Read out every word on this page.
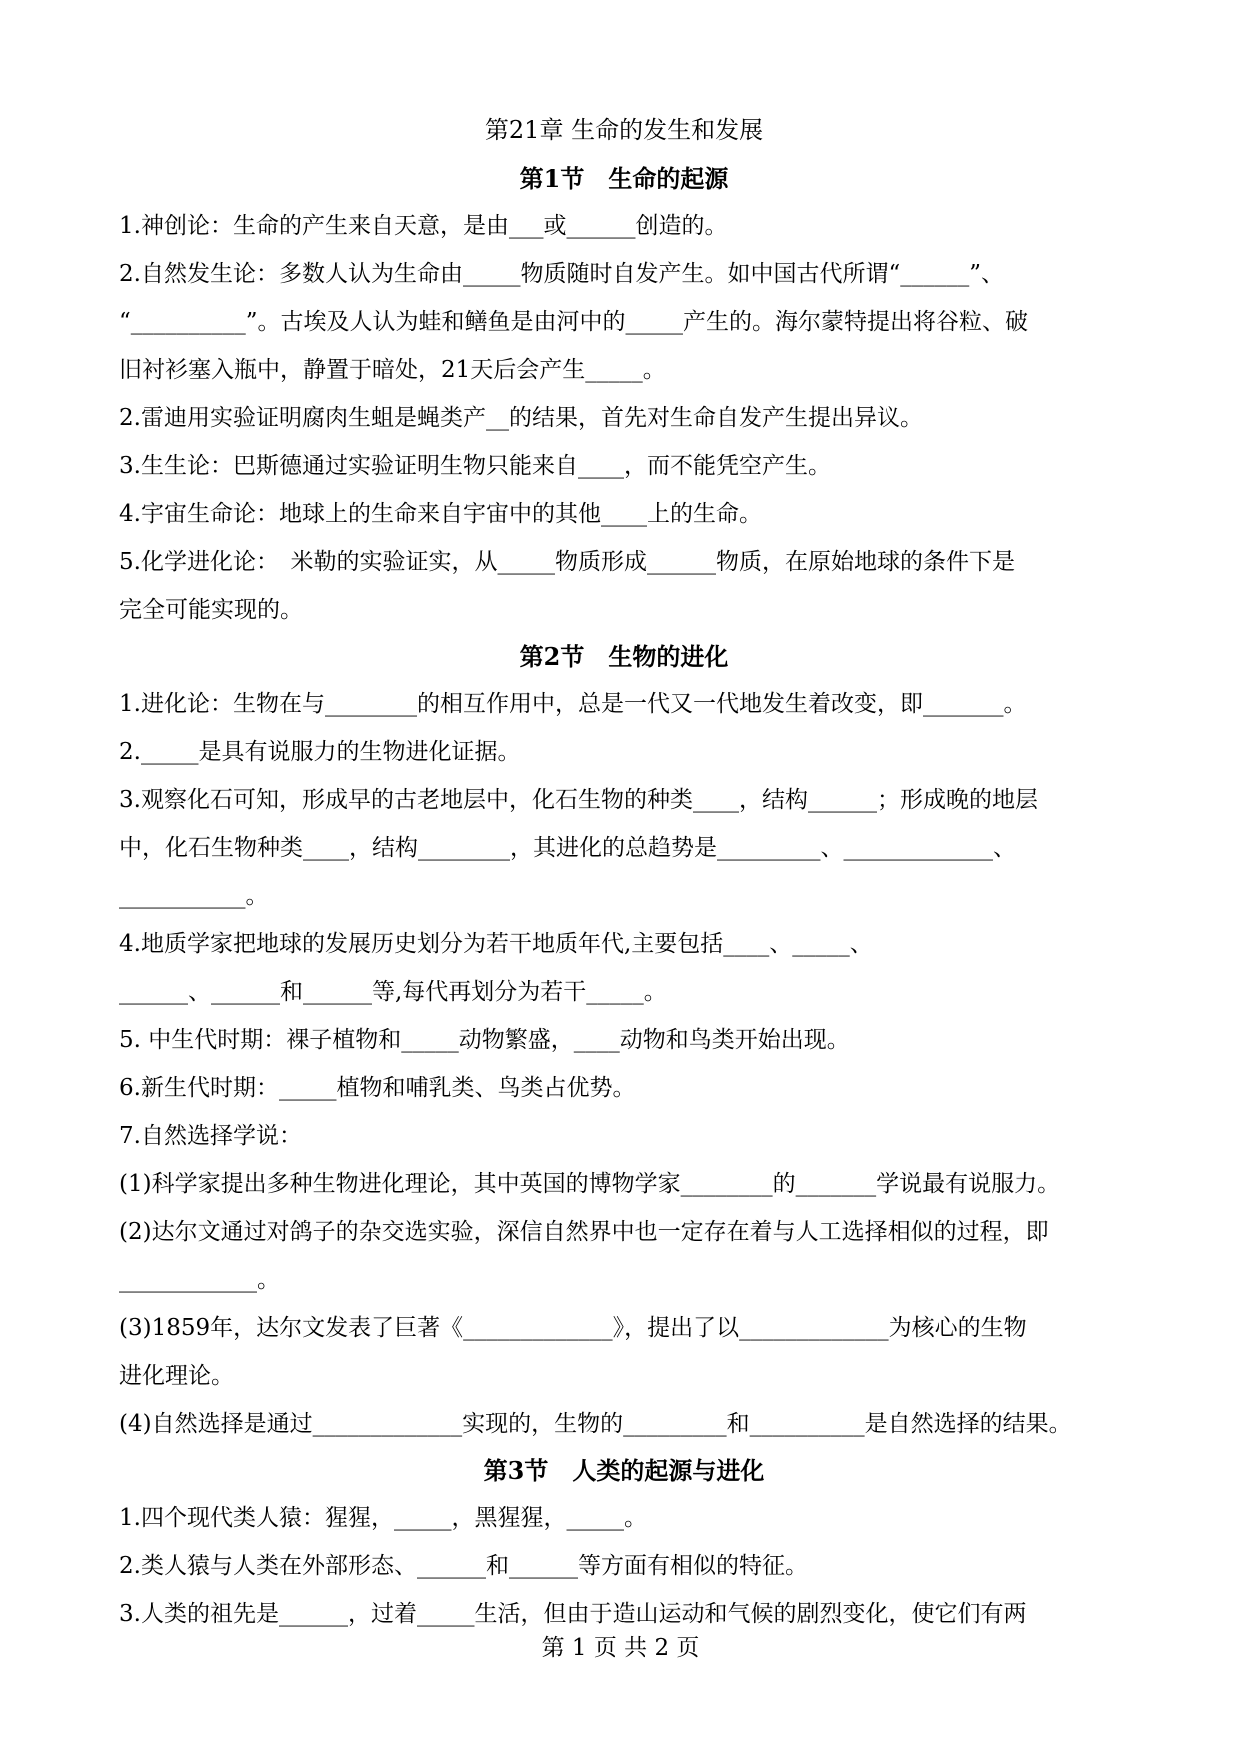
第21章 生命的发生和发展
第1节　生命的起源
1.神创论：生命的产生来自天意，是由___或______创造的。
2.自然发生论：多数人认为生命由_____物质随时自发产生。如中国古代所谓“______”、
“__________”。古埃及人认为蛙和鳝鱼是由河中的_____产生的。海尔蒙特提出将谷粒、破
旧衬衫塞入瓶中，静置于暗处，21天后会产生_____。
2.雷迪用实验证明腐肉生蛆是蝇类产__的结果，首先对生命自发产生提出异议。
3.生生论：巴斯德通过实验证明生物只能来自____，而不能凭空产生。
4.宇宙生命论：地球上的生命来自宇宙中的其他____上的生命。
5.化学进化论：　米勒的实验证实，从_____物质形成______物质，在原始地球的条件下是
完全可能实现的。
第2节　生物的进化
1.进化论：生物在与________的相互作用中，总是一代又一代地发生着改变，即_______。
2._____是具有说服力的生物进化证据。
3.观察化石可知，形成早的古老地层中，化石生物的种类____，结构______；形成晚的地层
中，化石生物种类____，结构________，其进化的总趋势是_________、_____________、
___________。
4.地质学家把地球的发展历史划分为若干地质年代,主要包括____、_____、
______、______和______等,每代再划分为若干_____。
5. 中生代时期：裸子植物和_____动物繁盛，____动物和鸟类开始出现。
6.新生代时期：_____植物和哺乳类、鸟类占优势。
7.自然选择学说：
(1)科学家提出多种生物进化理论，其中英国的博物学家________的_______学说最有说服力。
(2)达尔文通过对鸽子的杂交选实验，深信自然界中也一定存在着与人工选择相似的过程，即
____________。
(3)1859年，达尔文发表了巨著《_____________》，提出了以_____________为核心的生物
进化理论。
(4)自然选择是通过_____________实现的，生物的_________和__________是自然选择的结果。
第3节　人类的起源与进化
1.四个现代类人猿：猩猩，_____，黑猩猩，_____。
2.类人猿与人类在外部形态、______和______等方面有相似的特征。
3.人类的祖先是______，过着_____生活，但由于造山运动和气候的剧烈变化，使它们有两
第 1 页 共 2 页
